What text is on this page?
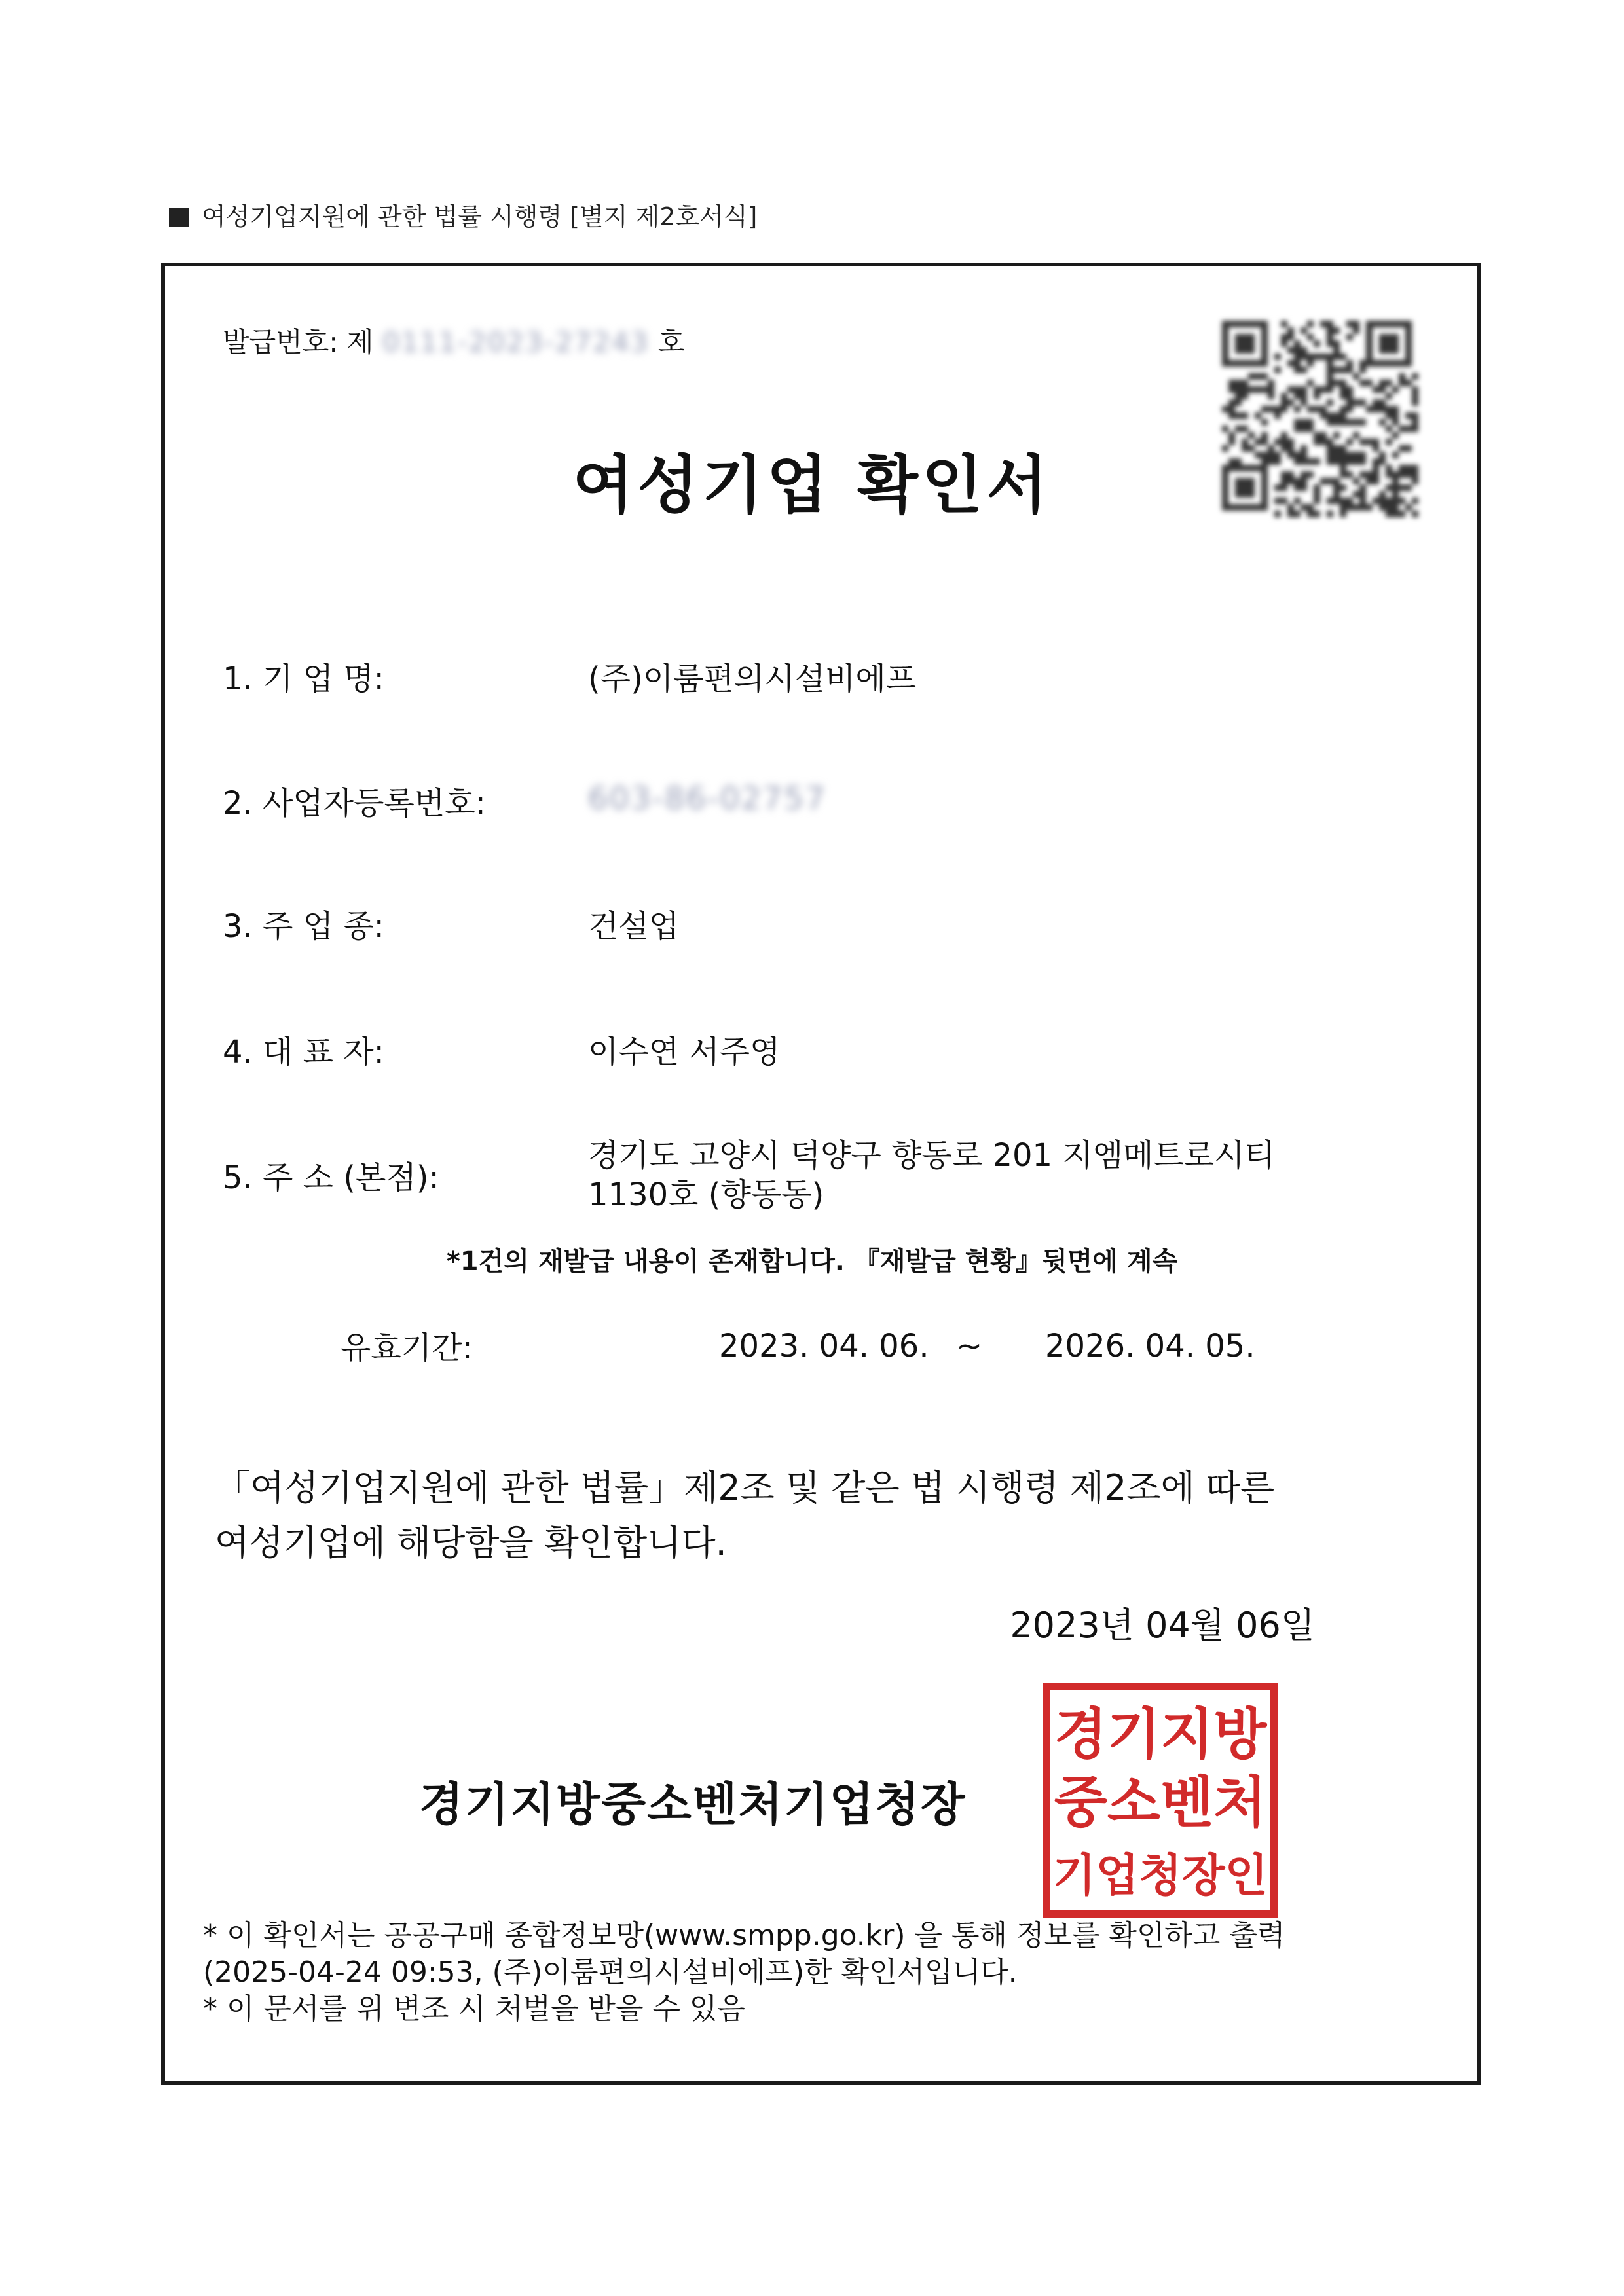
여성기업지원에 관한 법률 시행령 [별지 제2호서식]
발급번호: 제 0111-2023-27243 호
여성기업 확인서
1. 기 업 명:	(주)이룸편의시설비에프
2. 사업자등록번호:	603-86-02757
3. 주 업 종:	건설업
4. 대 표 자:	이수연 서주영
5. 주 소 (본점):
경기도 고양시 덕양구 향동로 201 지엠메트로시티
1130호 (향동동)
*1건의 재발급 내용이 존재합니다. 『재발급 현황』뒷면에 계속
유효기간:	2023. 04. 06. ~ 2026. 04. 05.
「여성기업지원에 관한 법률」제2조 및 같은 법 시행령 제2조에 따른
여성기업에 해당함을 확인합니다.
2023년 04월 06일
경기지방중소벤처기업청장
경기지방
중소벤처
기업청장인
* 이 확인서는 공공구매 종합정보망(www.smpp.go.kr) 을 통해 정보를 확인하고 출력
(2025-04-24 09:53, (주)이룸편의시설비에프)한 확인서입니다.
* 이 문서를 위 변조 시 처벌을 받을 수 있음
